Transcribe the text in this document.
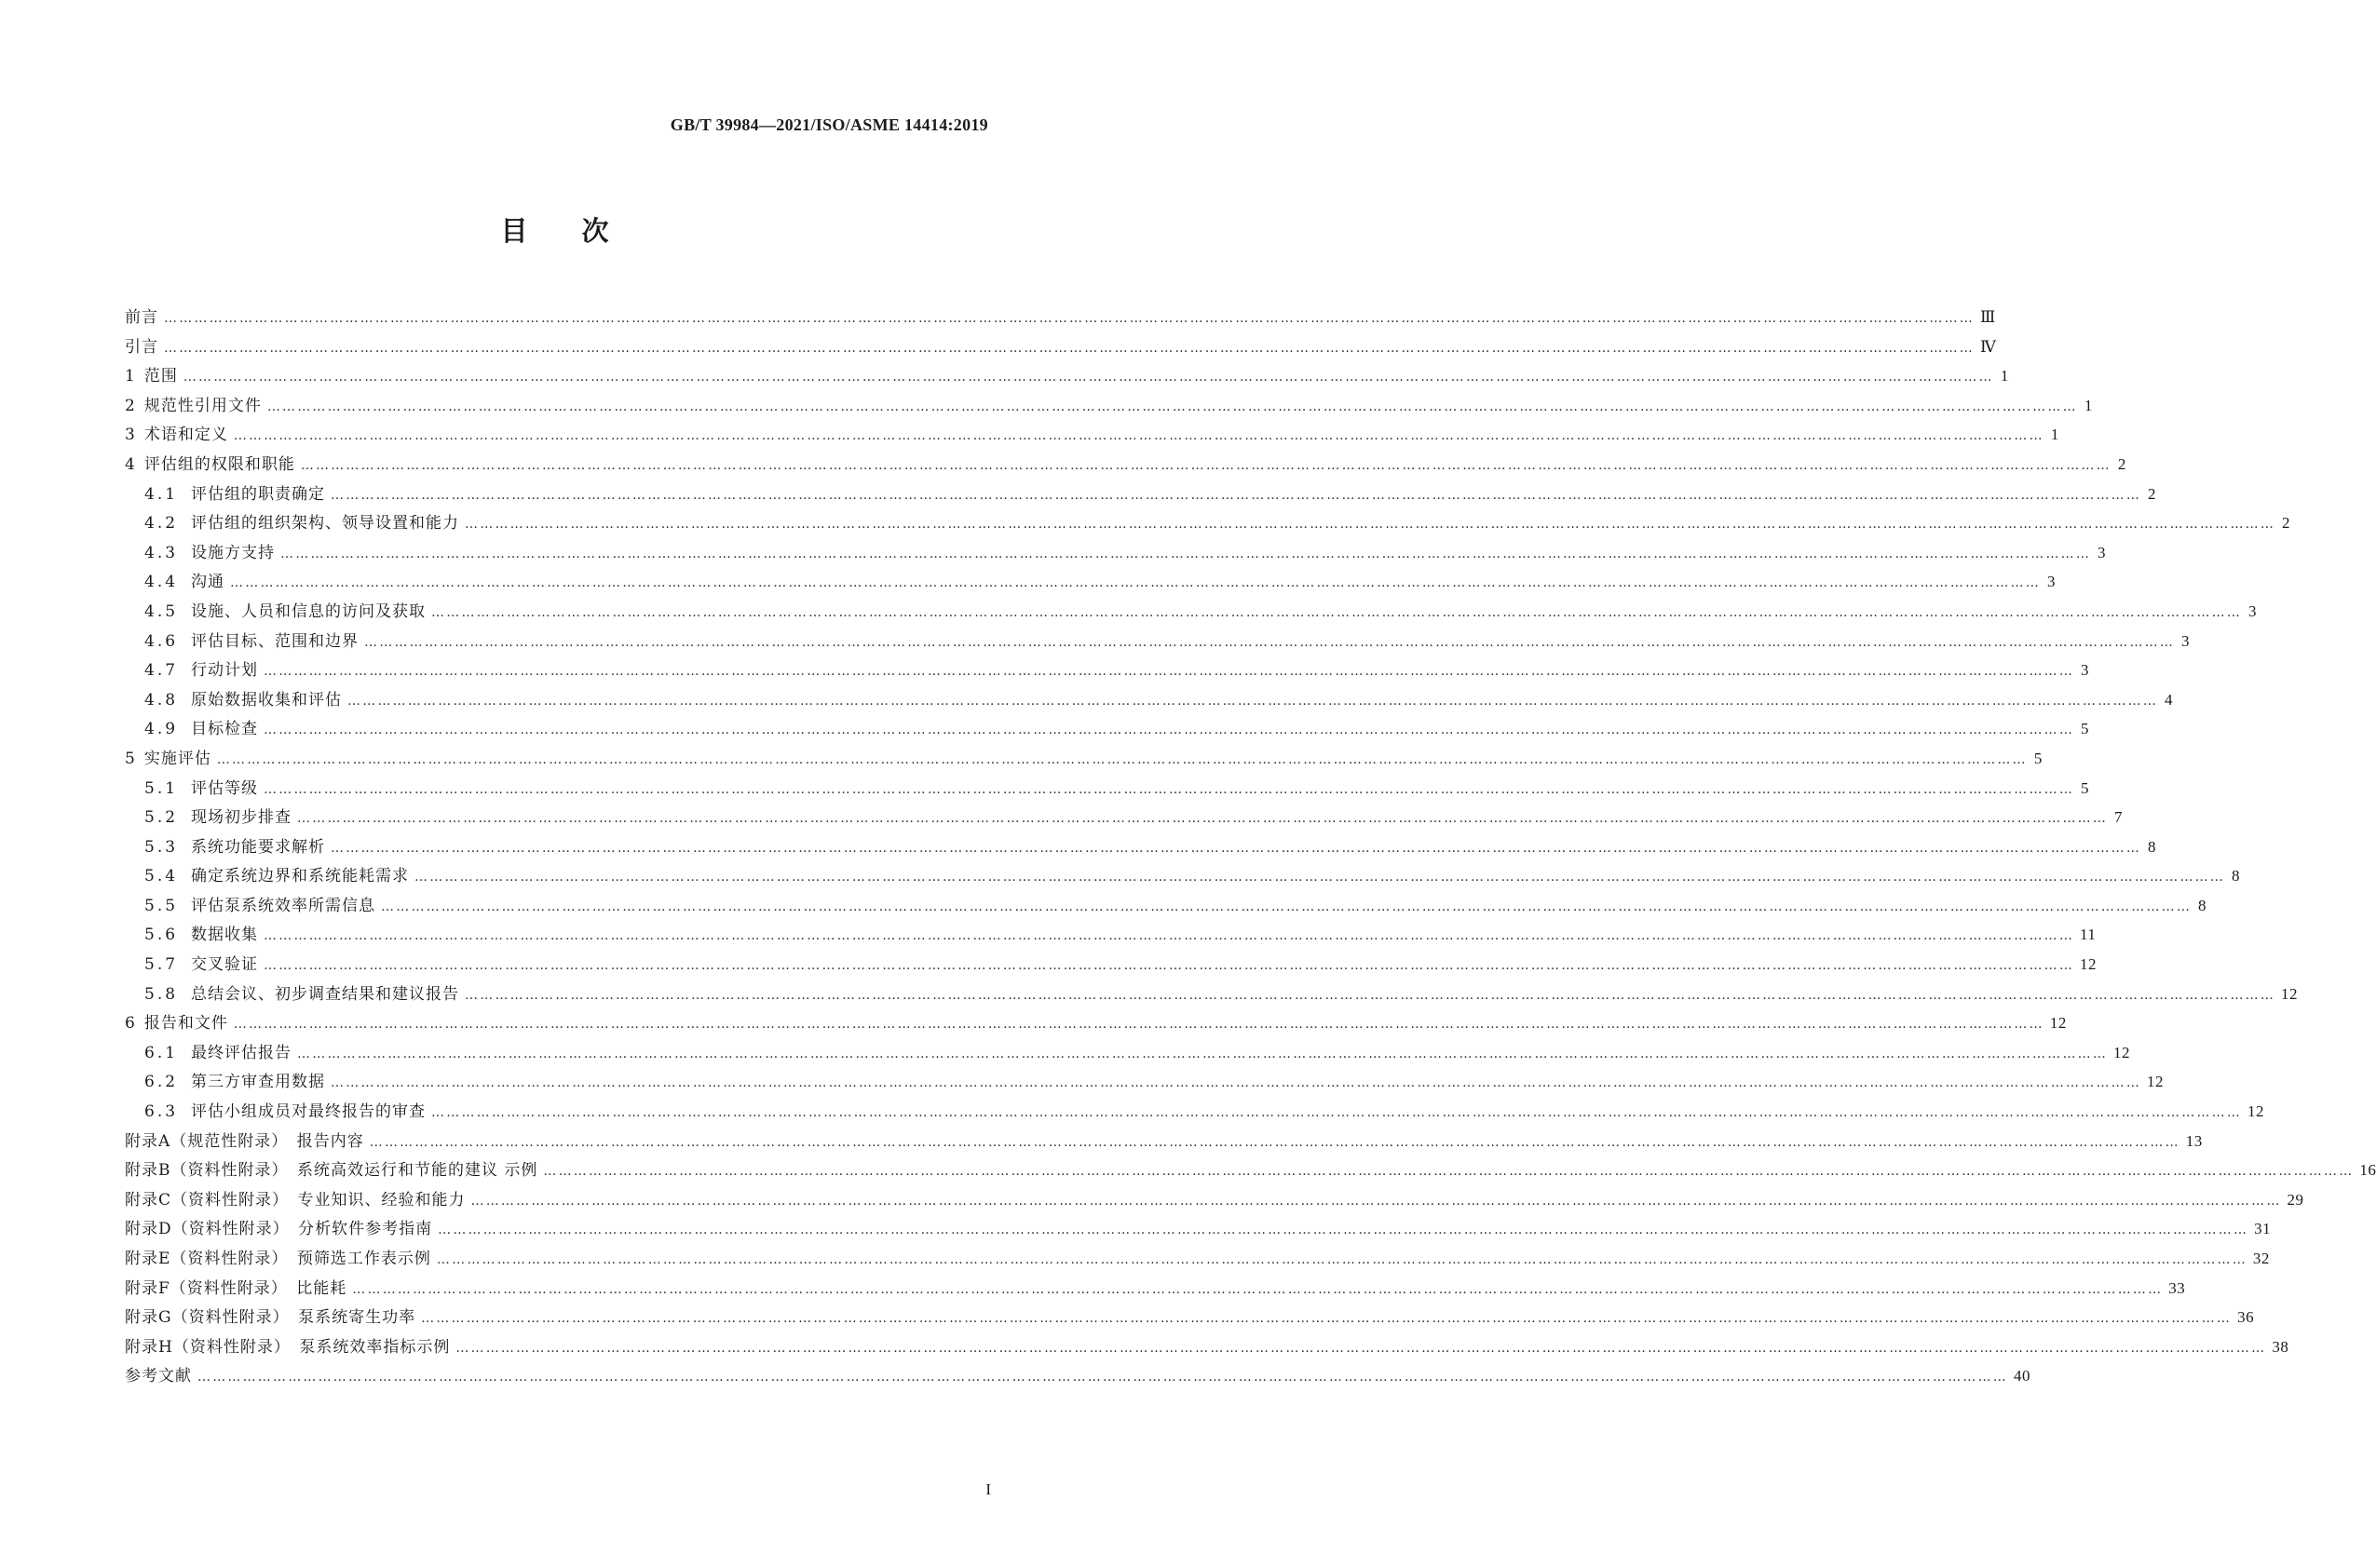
GB/T 39984—2021/ISO/ASME 14414:2019
目次
前言 ……………………………………………………………………………………………………………………………………………………………………………………………………………………………………………………………………………………………………………………………… Ⅲ
引言 ……………………………………………………………………………………………………………………………………………………………………………………………………………………………………………………………………………………………………………………………… Ⅳ
1 范围 ……………………………………………………………………………………………………………………………………………………………………………………………………………………………………………………………………………………………………………………………… 1
2 规范性引用文件 ……………………………………………………………………………………………………………………………………………………………………………………………………………………………………………………………………………………………………………………………… 1
3 术语和定义 ……………………………………………………………………………………………………………………………………………………………………………………………………………………………………………………………………………………………………………………………… 1
4 评估组的权限和职能 ……………………………………………………………………………………………………………………………………………………………………………………………………………………………………………………………………………………………………………………………… 2
4.1 评估组的职责确定 ……………………………………………………………………………………………………………………………………………………………………………………………………………………………………………………………………………………………………………………………… 2
4.2 评估组的组织架构、领导设置和能力 ……………………………………………………………………………………………………………………………………………………………………………………………………………………………………………………………………………………………………………………………… 2
4.3 设施方支持 ……………………………………………………………………………………………………………………………………………………………………………………………………………………………………………………………………………………………………………………………… 3
4.4 沟通 ……………………………………………………………………………………………………………………………………………………………………………………………………………………………………………………………………………………………………………………………… 3
4.5 设施、人员和信息的访问及获取 ……………………………………………………………………………………………………………………………………………………………………………………………………………………………………………………………………………………………………………………………… 3
4.6 评估目标、范围和边界 ……………………………………………………………………………………………………………………………………………………………………………………………………………………………………………………………………………………………………………………………… 3
4.7 行动计划 ……………………………………………………………………………………………………………………………………………………………………………………………………………………………………………………………………………………………………………………………… 3
4.8 原始数据收集和评估 ……………………………………………………………………………………………………………………………………………………………………………………………………………………………………………………………………………………………………………………………… 4
4.9 目标检查 ……………………………………………………………………………………………………………………………………………………………………………………………………………………………………………………………………………………………………………………………… 5
5 实施评估 ……………………………………………………………………………………………………………………………………………………………………………………………………………………………………………………………………………………………………………………………… 5
5.1 评估等级 ……………………………………………………………………………………………………………………………………………………………………………………………………………………………………………………………………………………………………………………………… 5
5.2 现场初步排查 ……………………………………………………………………………………………………………………………………………………………………………………………………………………………………………………………………………………………………………………………… 7
5.3 系统功能要求解析 ……………………………………………………………………………………………………………………………………………………………………………………………………………………………………………………………………………………………………………………………… 8
5.4 确定系统边界和系统能耗需求 ……………………………………………………………………………………………………………………………………………………………………………………………………………………………………………………………………………………………………………………………… 8
5.5 评估泵系统效率所需信息 ……………………………………………………………………………………………………………………………………………………………………………………………………………………………………………………………………………………………………………………………… 8
5.6 数据收集 ……………………………………………………………………………………………………………………………………………………………………………………………………………………………………………………………………………………………………………………………… 11
5.7 交叉验证 ……………………………………………………………………………………………………………………………………………………………………………………………………………………………………………………………………………………………………………………………… 12
5.8 总结会议、初步调查结果和建议报告 ……………………………………………………………………………………………………………………………………………………………………………………………………………………………………………………………………………………………………………………………… 12
6 报告和文件 ……………………………………………………………………………………………………………………………………………………………………………………………………………………………………………………………………………………………………………………………… 12
6.1 最终评估报告 ……………………………………………………………………………………………………………………………………………………………………………………………………………………………………………………………………………………………………………………………… 12
6.2 第三方审查用数据 ……………………………………………………………………………………………………………………………………………………………………………………………………………………………………………………………………………………………………………………………… 12
6.3 评估小组成员对最终报告的审查 ……………………………………………………………………………………………………………………………………………………………………………………………………………………………………………………………………………………………………………………………… 12
附录A（规范性附录）　报告内容 ……………………………………………………………………………………………………………………………………………………………………………………………………………………………………………………………………………………………………………………………… 13
附录B（资料性附录）　系统高效运行和节能的建议 示例 ……………………………………………………………………………………………………………………………………………………………………………………………………………………………………………………………………………………………………………………………… 16
附录C（资料性附录）　专业知识、经验和能力 ……………………………………………………………………………………………………………………………………………………………………………………………………………………………………………………………………………………………………………………………… 29
附录D（资料性附录）　分析软件参考指南 ……………………………………………………………………………………………………………………………………………………………………………………………………………………………………………………………………………………………………………………………… 31
附录E（资料性附录）　预筛选工作表示例 ……………………………………………………………………………………………………………………………………………………………………………………………………………………………………………………………………………………………………………………………… 32
附录F（资料性附录）　比能耗 ……………………………………………………………………………………………………………………………………………………………………………………………………………………………………………………………………………………………………………………………… 33
附录G（资料性附录）　泵系统寄生功率 ……………………………………………………………………………………………………………………………………………………………………………………………………………………………………………………………………………………………………………………………… 36
附录H（资料性附录）　泵系统效率指标示例 ……………………………………………………………………………………………………………………………………………………………………………………………………………………………………………………………………………………………………………………………… 38
参考文献 ……………………………………………………………………………………………………………………………………………………………………………………………………………………………………………………………………………………………………………………………… 40
I
